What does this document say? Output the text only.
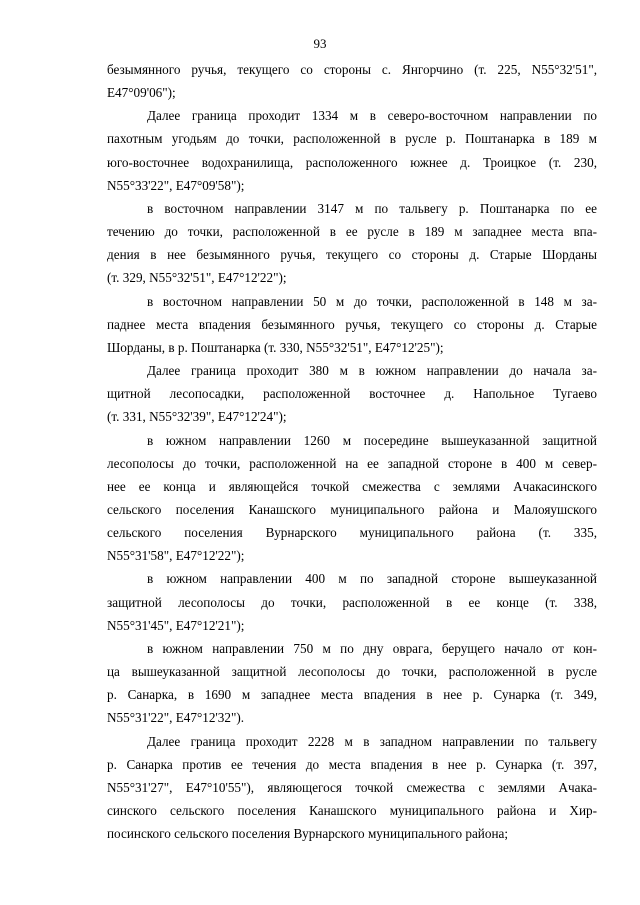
93

безымянного ручья, текущего со стороны с. Янгорчино (т. 225, N55°32'51",
E47°09'06");

Далее граница проходит 1334 м в северо-восточном направлении по
пахотным угодьям до точки, расположенной в русле р. Поштанарка в 189 м
юго-восточнее водохранилища, расположенного южнее д. Троицкое (т. 230,
N55°33'22", E47°09'58");

в восточном направлении 3147 м по тальвегу р. Поштанарка по ее
течению до точки, расположенной в ее русле в 189 м западнее места впа-
дения в нее безымянного ручья, текущего со стороны д. Старые Шорданы
(т. 329, N55°32'51", E47°12'22");

в восточном направлении 50 м до точки, расположенной в 148 м за-
паднее места впадения безымянного ручья, текущего со стороны д. Старые
Шорданы, в р. Поштанарка (т. 330, N55°32'51", E47°12'25");

Далее граница проходит 380 м в южном направлении до начала за-
щитной лесопосадки, расположенной восточнее д. Напольное Тугаево
(т. 331, N55°32'39", E47°12'24");

в южном направлении 1260 м посередине вышеуказанной защитной
лесополосы до точки, расположенной на ее западной стороне в 400 м север-
нее ее конца и являющейся точкой смежества с землями Ачакасинского
сельского поселения Канашского муниципального района и Малояушского
сельского поселения Вурнарского муниципального района (т. 335,
N55°31'58", E47°12'22");

в южном направлении 400 м по западной стороне вышеуказанной
защитной лесополосы до точки, расположенной в ее конце (т. 338,
N55°31'45", E47°12'21");

в южном направлении 750 м по дну оврага, берущего начало от кон-
ца вышеуказанной защитной лесополосы до точки, расположенной в русле
р. Санарка, в 1690 м западнее места впадения в нее р. Сунарка (т. 349,
N55°31'22", E47°12'32").

Далее граница проходит 2228 м в западном направлении по тальвегу
р. Санарка против ее течения до места впадения в нее р. Сунарка (т. 397,
N55°31'27", E47°10'55"), являющегося точкой смежества с землями Ачака-
синского сельского поселения Канашского муниципального района и Хир-
посинского сельского поселения Вурнарского муниципального района;
